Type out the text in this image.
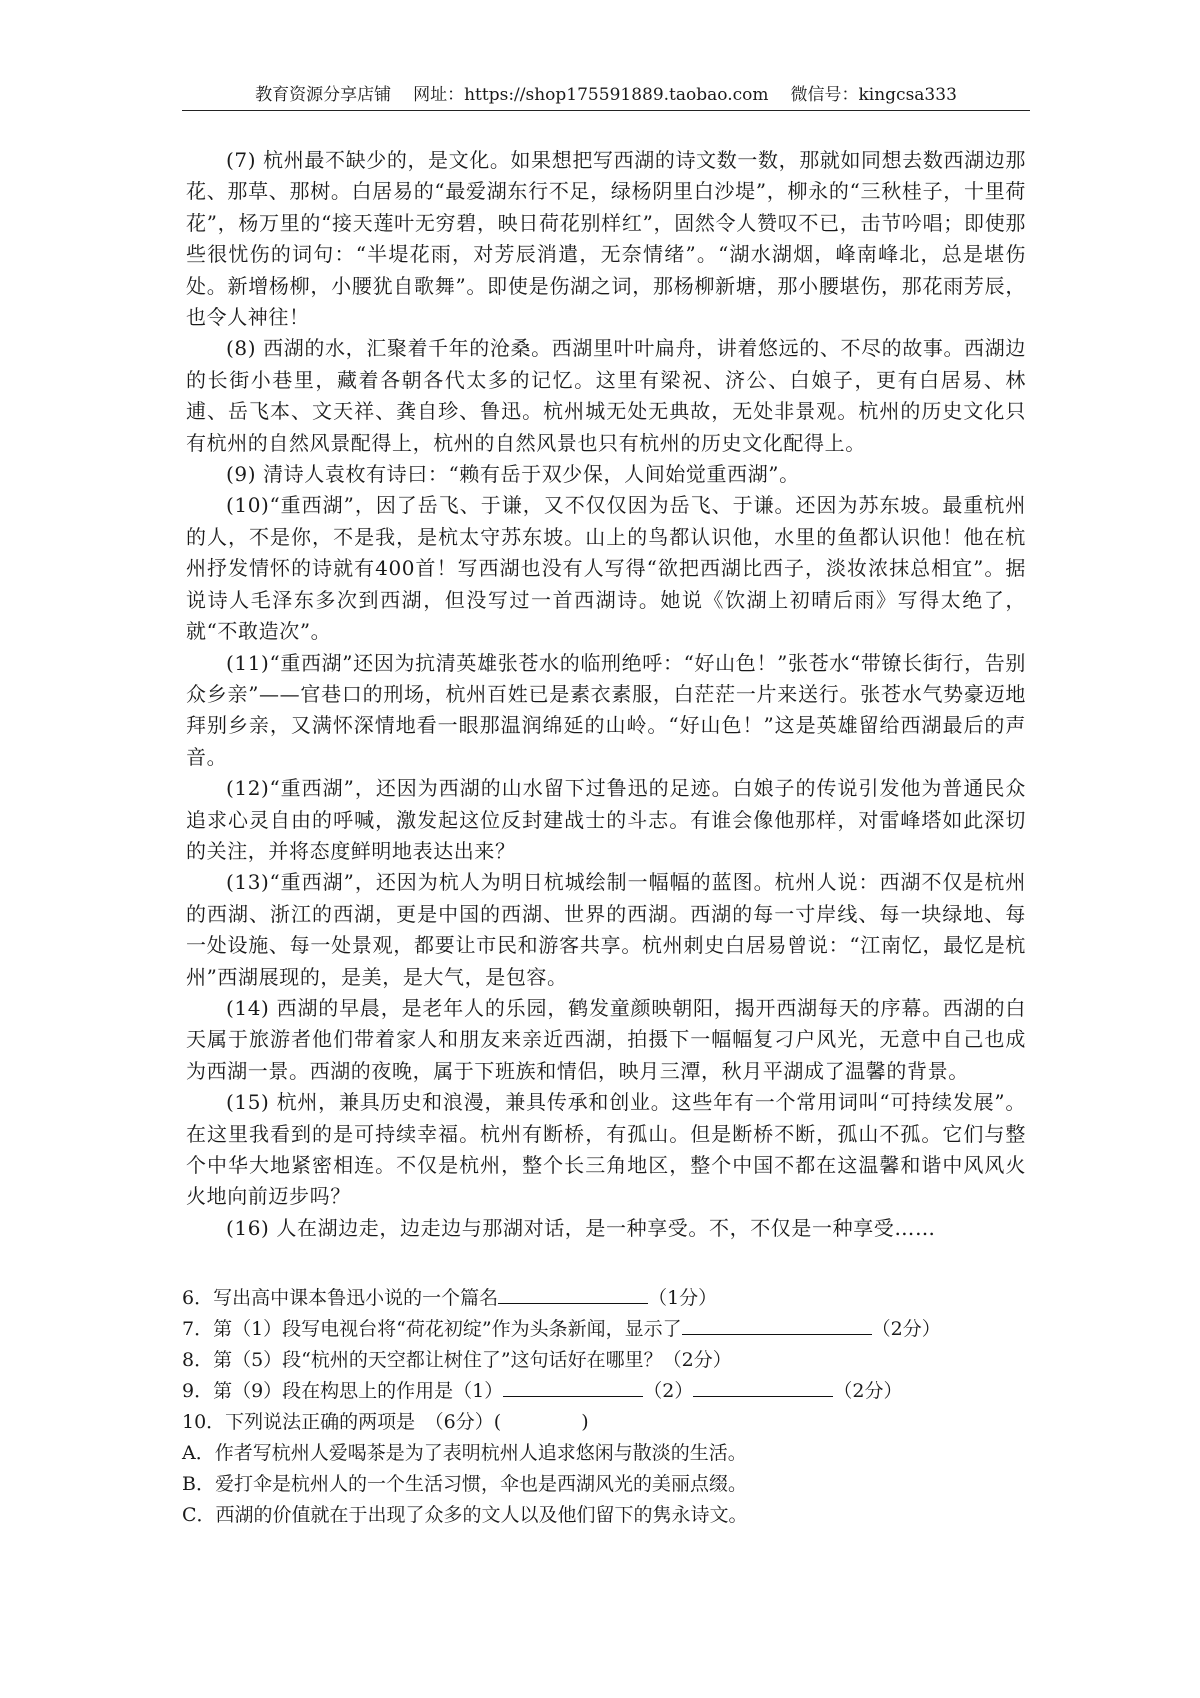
教育资源分享店铺 网址：https://shop175591889.taobao.com 微信号：kingcsa333

(7) 杭州最不缺少的，是文化。如果想把写西湖的诗文数一数，那就如同想去数西湖边那花、那草、那树。白居易的“最爱湖东行不足，绿杨阴里白沙堤”，柳永的“三秋桂子，十里荷花”，杨万里的“接天莲叶无穷碧，映日荷花别样红”，固然令人赞叹不已，击节吟唱；即使那些很忧伤的词句：“半堤花雨，对芳辰消遣，无奈情绪”。“湖水湖烟，峰南峰北，总是堪伤处。新增杨柳，小腰犹自歌舞”。即使是伤湖之词，那杨柳新塘，那小腰堪伤，那花雨芳辰，也令人神往！

(8) 西湖的水，汇聚着千年的沧桑。西湖里叶叶扁舟，讲着悠远的、不尽的故事。西湖边的长街小巷里，藏着各朝各代太多的记忆。这里有梁祝、济公、白娘子，更有白居易、林逋、岳飞本、文天祥、龚自珍、鲁迅。杭州城无处无典故，无处非景观。杭州的历史文化只有杭州的自然风景配得上，杭州的自然风景也只有杭州的历史文化配得上。

(9) 清诗人袁枚有诗曰：“赖有岳于双少保，人间始觉重西湖”。

(10)“重西湖”，因了岳飞、于谦，又不仅仅因为岳飞、于谦。还因为苏东坡。最重杭州的人，不是你，不是我，是杭太守苏东坡。山上的鸟都认识他，水里的鱼都认识他！他在杭州抒发情怀的诗就有400首！写西湖也没有人写得“欲把西湖比西子，淡妆浓抹总相宜”。据说诗人毛泽东多次到西湖，但没写过一首西湖诗。她说《饮湖上初晴后雨》写得太绝了，就“不敢造次”。

(11)“重西湖”还因为抗清英雄张苍水的临刑绝呼：“好山色！”张苍水“带镣长街行，告别众乡亲”——官巷口的刑场，杭州百姓已是素衣素服，白茫茫一片来送行。张苍水气势豪迈地拜别乡亲，又满怀深情地看一眼那温润绵延的山岭。“好山色！”这是英雄留给西湖最后的声音。

(12)“重西湖”，还因为西湖的山水留下过鲁迅的足迹。白娘子的传说引发他为普通民众追求心灵自由的呼喊，激发起这位反封建战士的斗志。有谁会像他那样，对雷峰塔如此深切的关注，并将态度鲜明地表达出来？

(13)“重西湖”，还因为杭人为明日杭城绘制一幅幅的蓝图。杭州人说：西湖不仅是杭州的西湖、浙江的西湖，更是中国的西湖、世界的西湖。西湖的每一寸岸线、每一块绿地、每一处设施、每一处景观，都要让市民和游客共享。杭州刺史白居易曾说：“江南忆，最忆是杭州”西湖展现的，是美，是大气，是包容。

(14) 西湖的早晨，是老年人的乐园，鹤发童颜映朝阳，揭开西湖每天的序幕。西湖的白天属于旅游者他们带着家人和朋友来亲近西湖，拍摄下一幅幅复刁户风光，无意中自己也成为西湖一景。西湖的夜晚，属于下班族和情侣，映月三潭，秋月平湖成了温馨的背景。

(15) 杭州，兼具历史和浪漫，兼具传承和创业。这些年有一个常用词叫“可持续发展”。在这里我看到的是可持续幸福。杭州有断桥，有孤山。但是断桥不断，孤山不孤。它们与整个中华大地紧密相连。不仅是杭州，整个长三角地区，整个中国不都在这温馨和谐中风风火火地向前迈步吗？

(16) 人在湖边走，边走边与那湖对话，是一种享受。不，不仅是一种享受……

6．写出高中课本鲁迅小说的一个篇名	（1分）

7．第（1）段写电视台将“荷花初绽”作为头条新闻，显示了	（2分）

8．第（5）段“杭州的天空都让树住了”这句话好在哪里？（2分）

9．第（9）段在构思上的作用是（1）	（2）	（2分）

10．下列说法正确的两项是　（6分）(	)

A．作者写杭州人爱喝茶是为了表明杭州人追求悠闲与散淡的生活。

B．爱打伞是杭州人的一个生活习惯，伞也是西湖风光的美丽点缀。

C．西湖的价值就在于出现了众多的文人以及他们留下的隽永诗文。
